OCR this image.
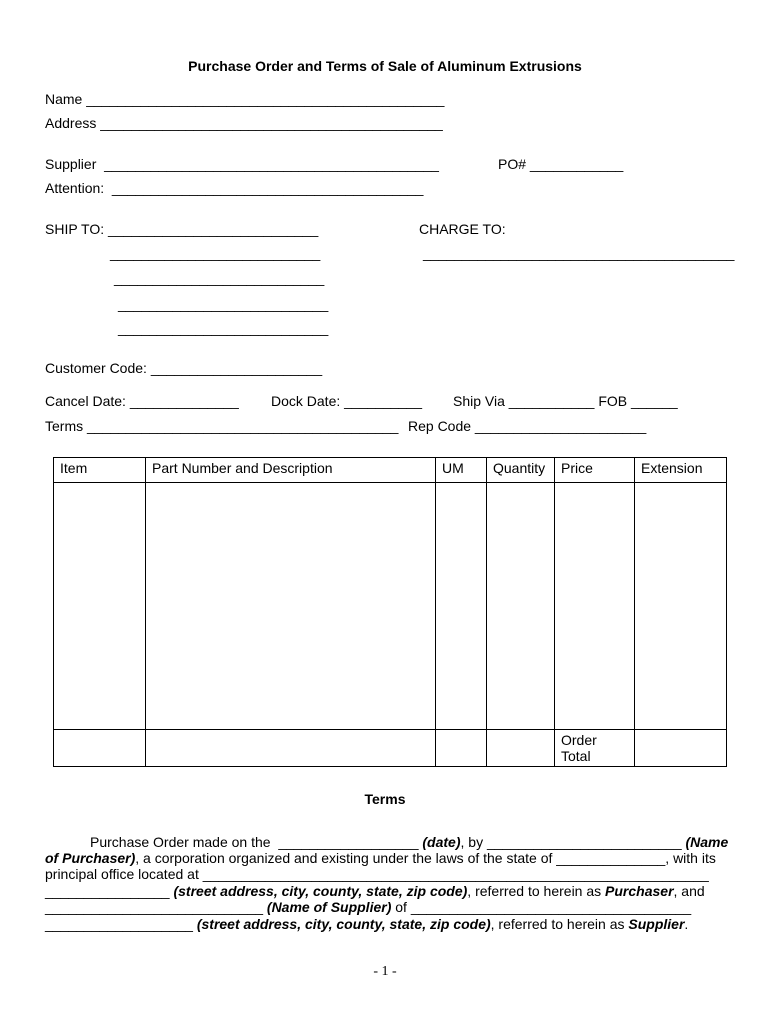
Purchase Order and Terms of Sale of Aluminum Extrusions
Name ______________________________________________
Address ____________________________________________
Supplier  ___________________________________________	PO# ____________
Attention:  ________________________________________
SHIP TO: ___________________________	CHARGE TO:
___________________________	________________________________________
___________________________
___________________________
___________________________
Customer Code: ______________________
Cancel Date: ______________ Dock Date: __________ Ship Via ___________ FOB ______
Terms ________________________________________ Rep Code ______________________
Item	Part Number and Description	UM	Quantity	Price	Extension

				Order
Total	
Terms
Purchase Order made on the  __________________ (date), by _________________________ (Name
of Purchaser), a corporation organized and existing under the laws of the state of ______________, with its
principal office located at _________________________________________________________________
________________ (street address, city, county, state, zip code), referred to herein as Purchaser, and
____________________________ (Name of Supplier) of ____________________________________
___________________ (street address, city, county, state, zip code), referred to herein as Supplier.
- 1 -
